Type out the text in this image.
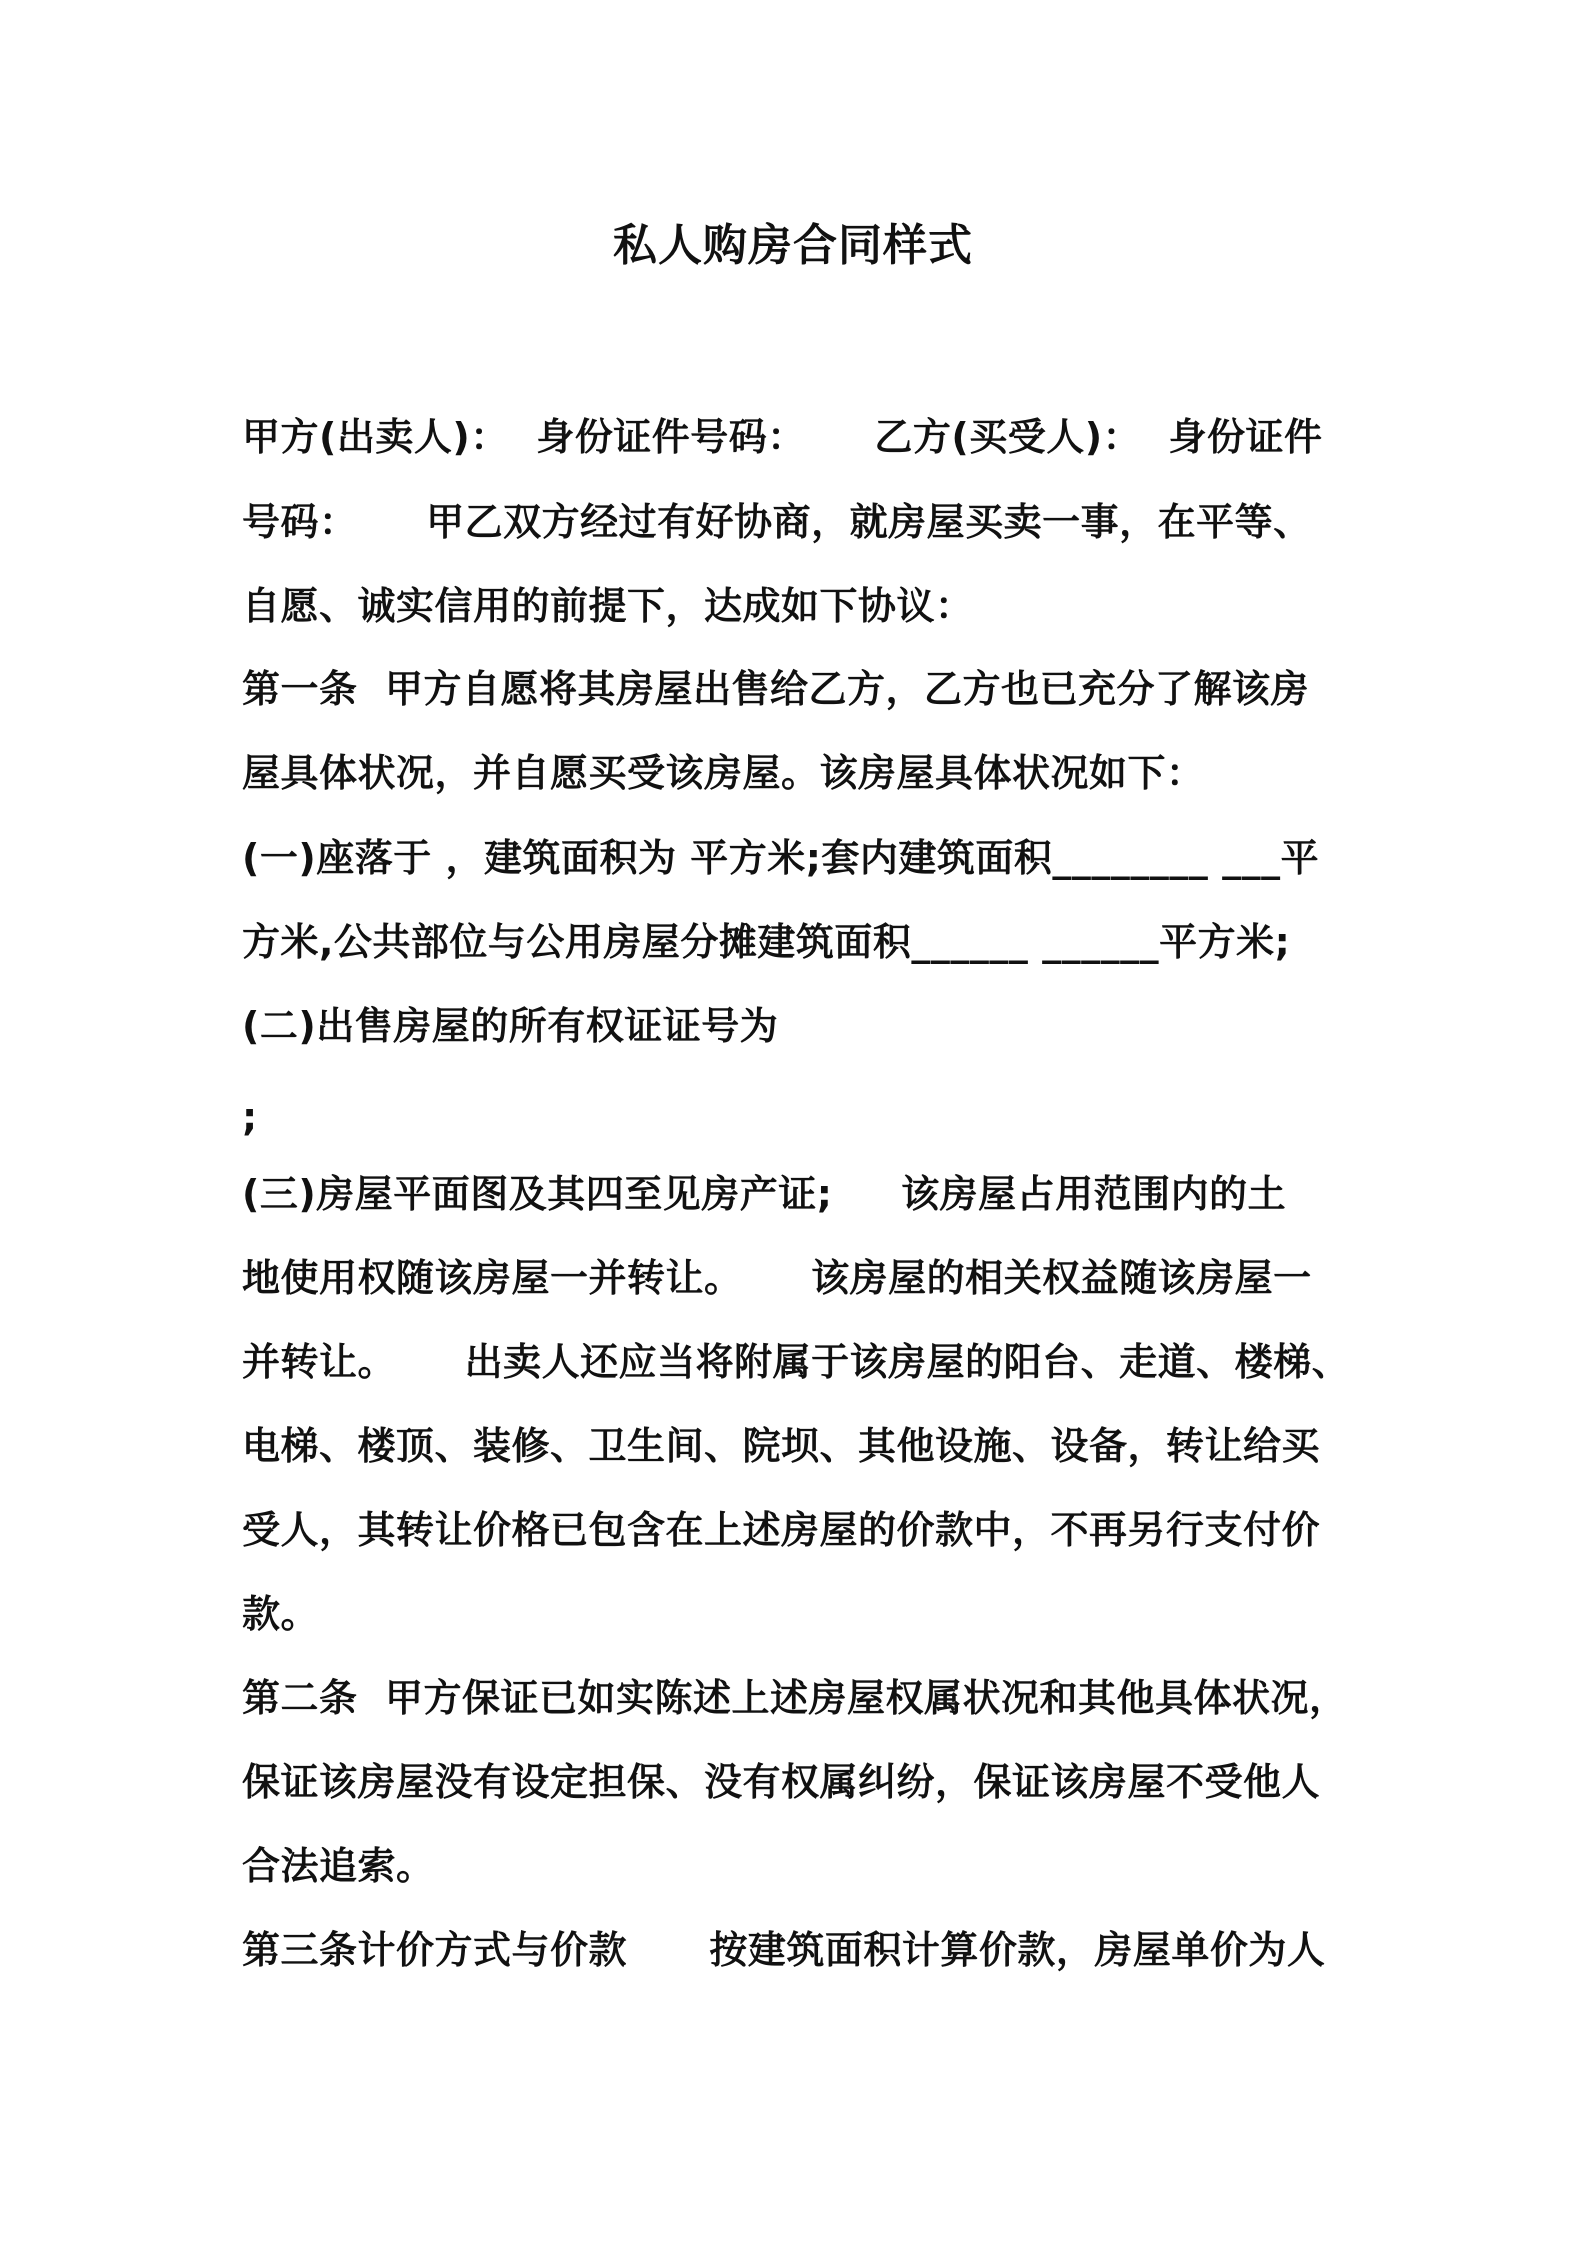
私人购房合同样式
甲方(出卖人)：  身份证件号码：     乙方(买受人)：  身份证件
号码：     甲乙双方经过有好协商，就房屋买卖一事，在平等、
自愿、诚实信用的前提下，达成如下协议：
第一条  甲方自愿将其房屋出售给乙方，乙方也已充分了解该房
屋具体状况，并自愿买受该房屋。该房屋具体状况如下：
(一)座落于 ，建筑面积为 平方米;套内建筑面积________ ___平
方米,公共部位与公用房屋分摊建筑面积______ ______平方米;
(二)出售房屋的所有权证证号为
;
(三)房屋平面图及其四至见房产证;     该房屋占用范围内的土
地使用权随该房屋一并转让。     该房屋的相关权益随该房屋一
并转让。     出卖人还应当将附属于该房屋的阳台、走道、楼梯、
电梯、楼顶、装修、卫生间、院坝、其他设施、设备，转让给买
受人，其转让价格已包含在上述房屋的价款中，不再另行支付价
款。
第二条  甲方保证已如实陈述上述房屋权属状况和其他具体状况，
保证该房屋没有设定担保、没有权属纠纷，保证该房屋不受他人
合法追索。
第三条计价方式与价款      按建筑面积计算价款，房屋单价为人
